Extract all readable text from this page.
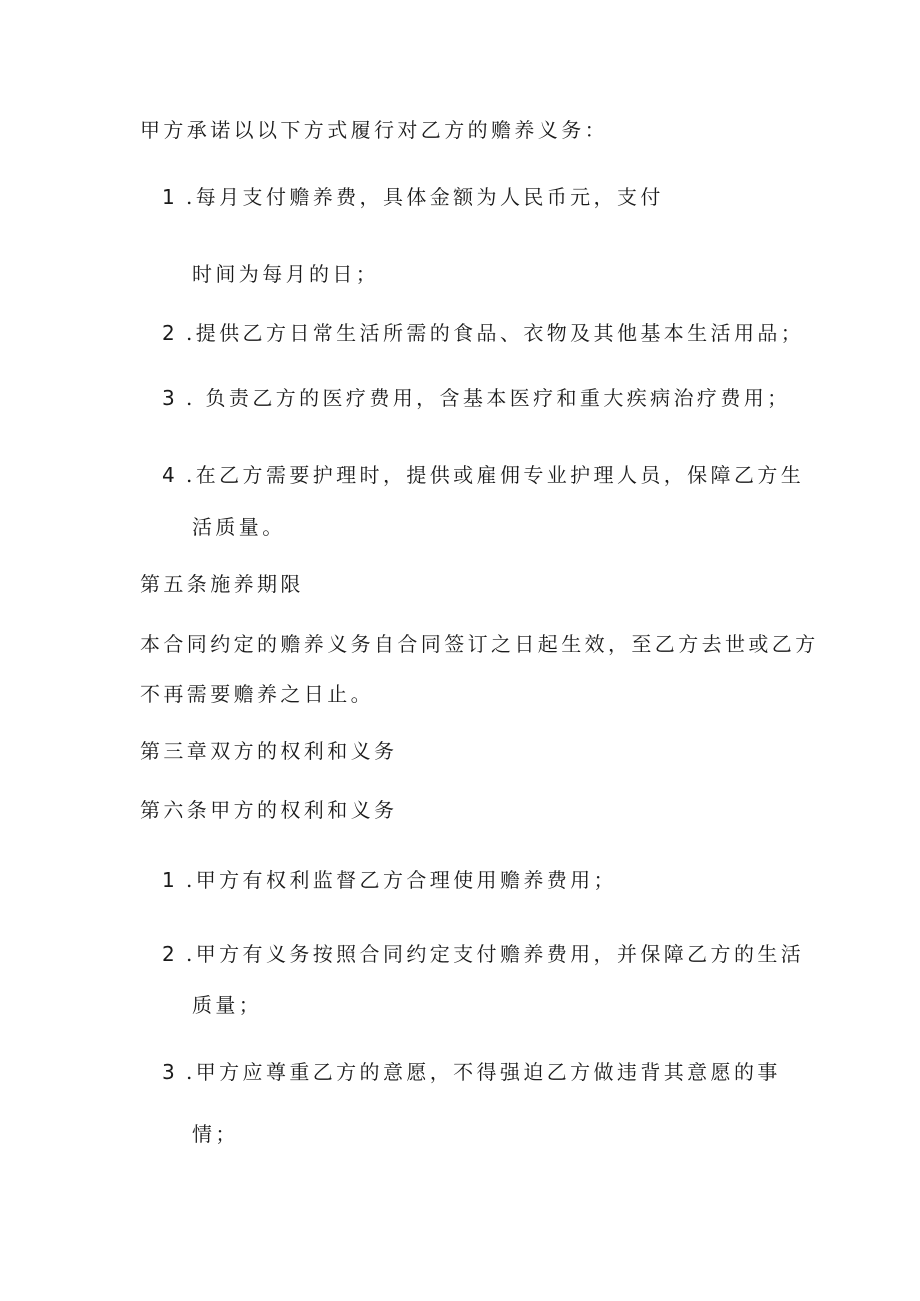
甲方承诺以以下方式履行对乙方的赡养义务：

1 .每月支付赡养费，具体金额为人民币元，支付

时间为每月的日；

2 .提供乙方日常生活所需的食品、衣物及其他基本生活用品；

3 . 负责乙方的医疗费用，含基本医疗和重大疾病治疗费用；

4 .在乙方需要护理时，提供或雇佣专业护理人员，保障乙方生

活质量。

第五条施养期限

本合同约定的赡养义务自合同签订之日起生效，至乙方去世或乙方

不再需要赡养之日止。

第三章双方的权利和义务

第六条甲方的权利和义务

1 .甲方有权利监督乙方合理使用赡养费用；

2 .甲方有义务按照合同约定支付赡养费用，并保障乙方的生活

质量；

3 .甲方应尊重乙方的意愿，不得强迫乙方做违背其意愿的事

情；
